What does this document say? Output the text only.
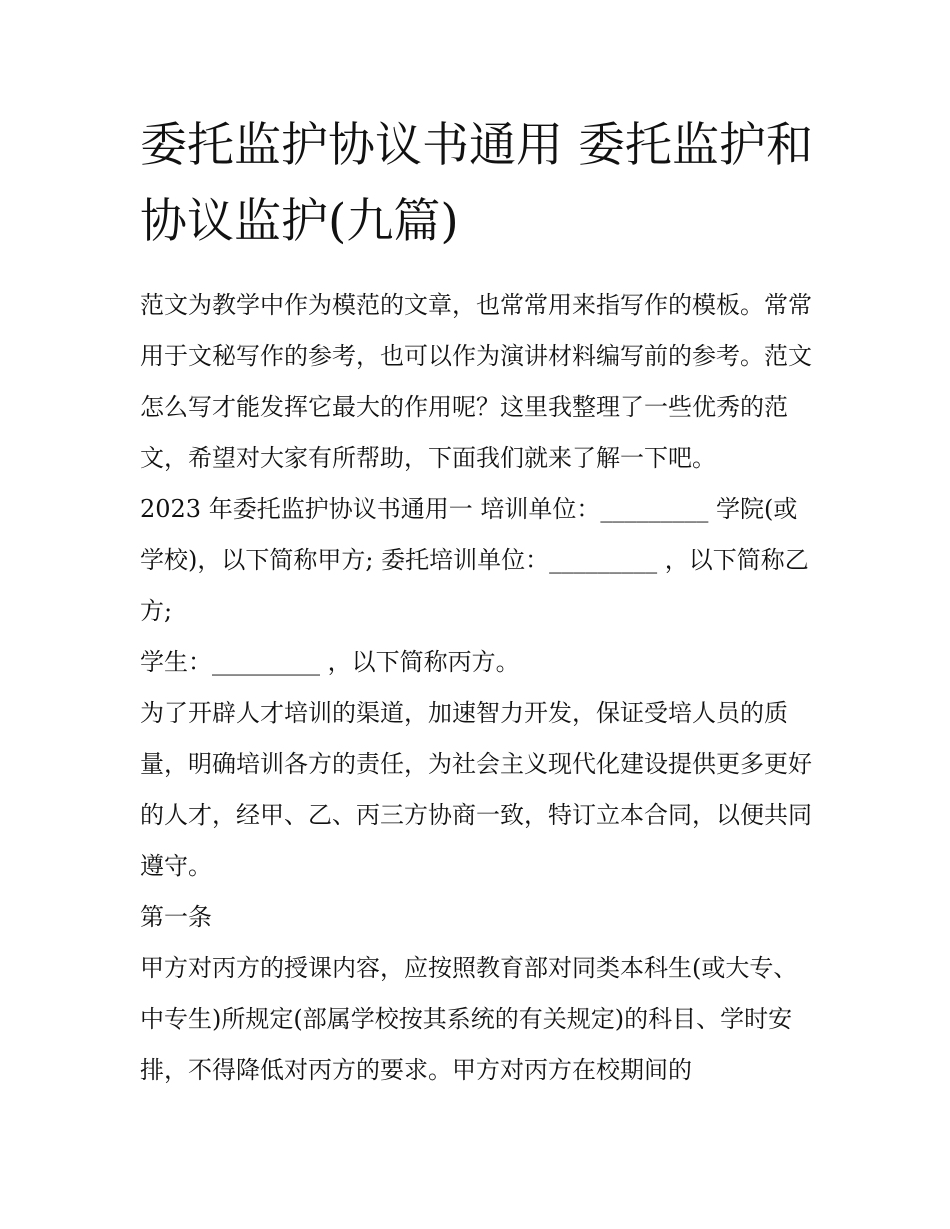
委托监护协议书通用 委托监护和协议监护(九篇)

范文为教学中作为模范的文章，也常常用来指写作的模板。常常用于文秘写作的参考，也可以作为演讲材料编写前的参考。范文怎么写才能发挥它最大的作用呢？这里我整理了一些优秀的范文，希望对大家有所帮助，下面我们就来了解一下吧。

2023 年委托监护协议书通用一 培训单位：_________ 学院(或学校)，以下简称甲方; 委托培训单位：_________ ，以下简称乙方;

学生：_________ ，以下简称丙方。

为了开辟人才培训的渠道，加速智力开发，保证受培人员的质量，明确培训各方的责任，为社会主义现代化建设提供更多更好的人才，经甲、乙、丙三方协商一致，特订立本合同，以便共同遵守。

第一条

甲方对丙方的授课内容，应按照教育部对同类本科生(或大专、中专生)所规定(部属学校按其系统的有关规定)的科目、学时安排，不得降低对丙方的要求。甲方对丙方在校期间的
